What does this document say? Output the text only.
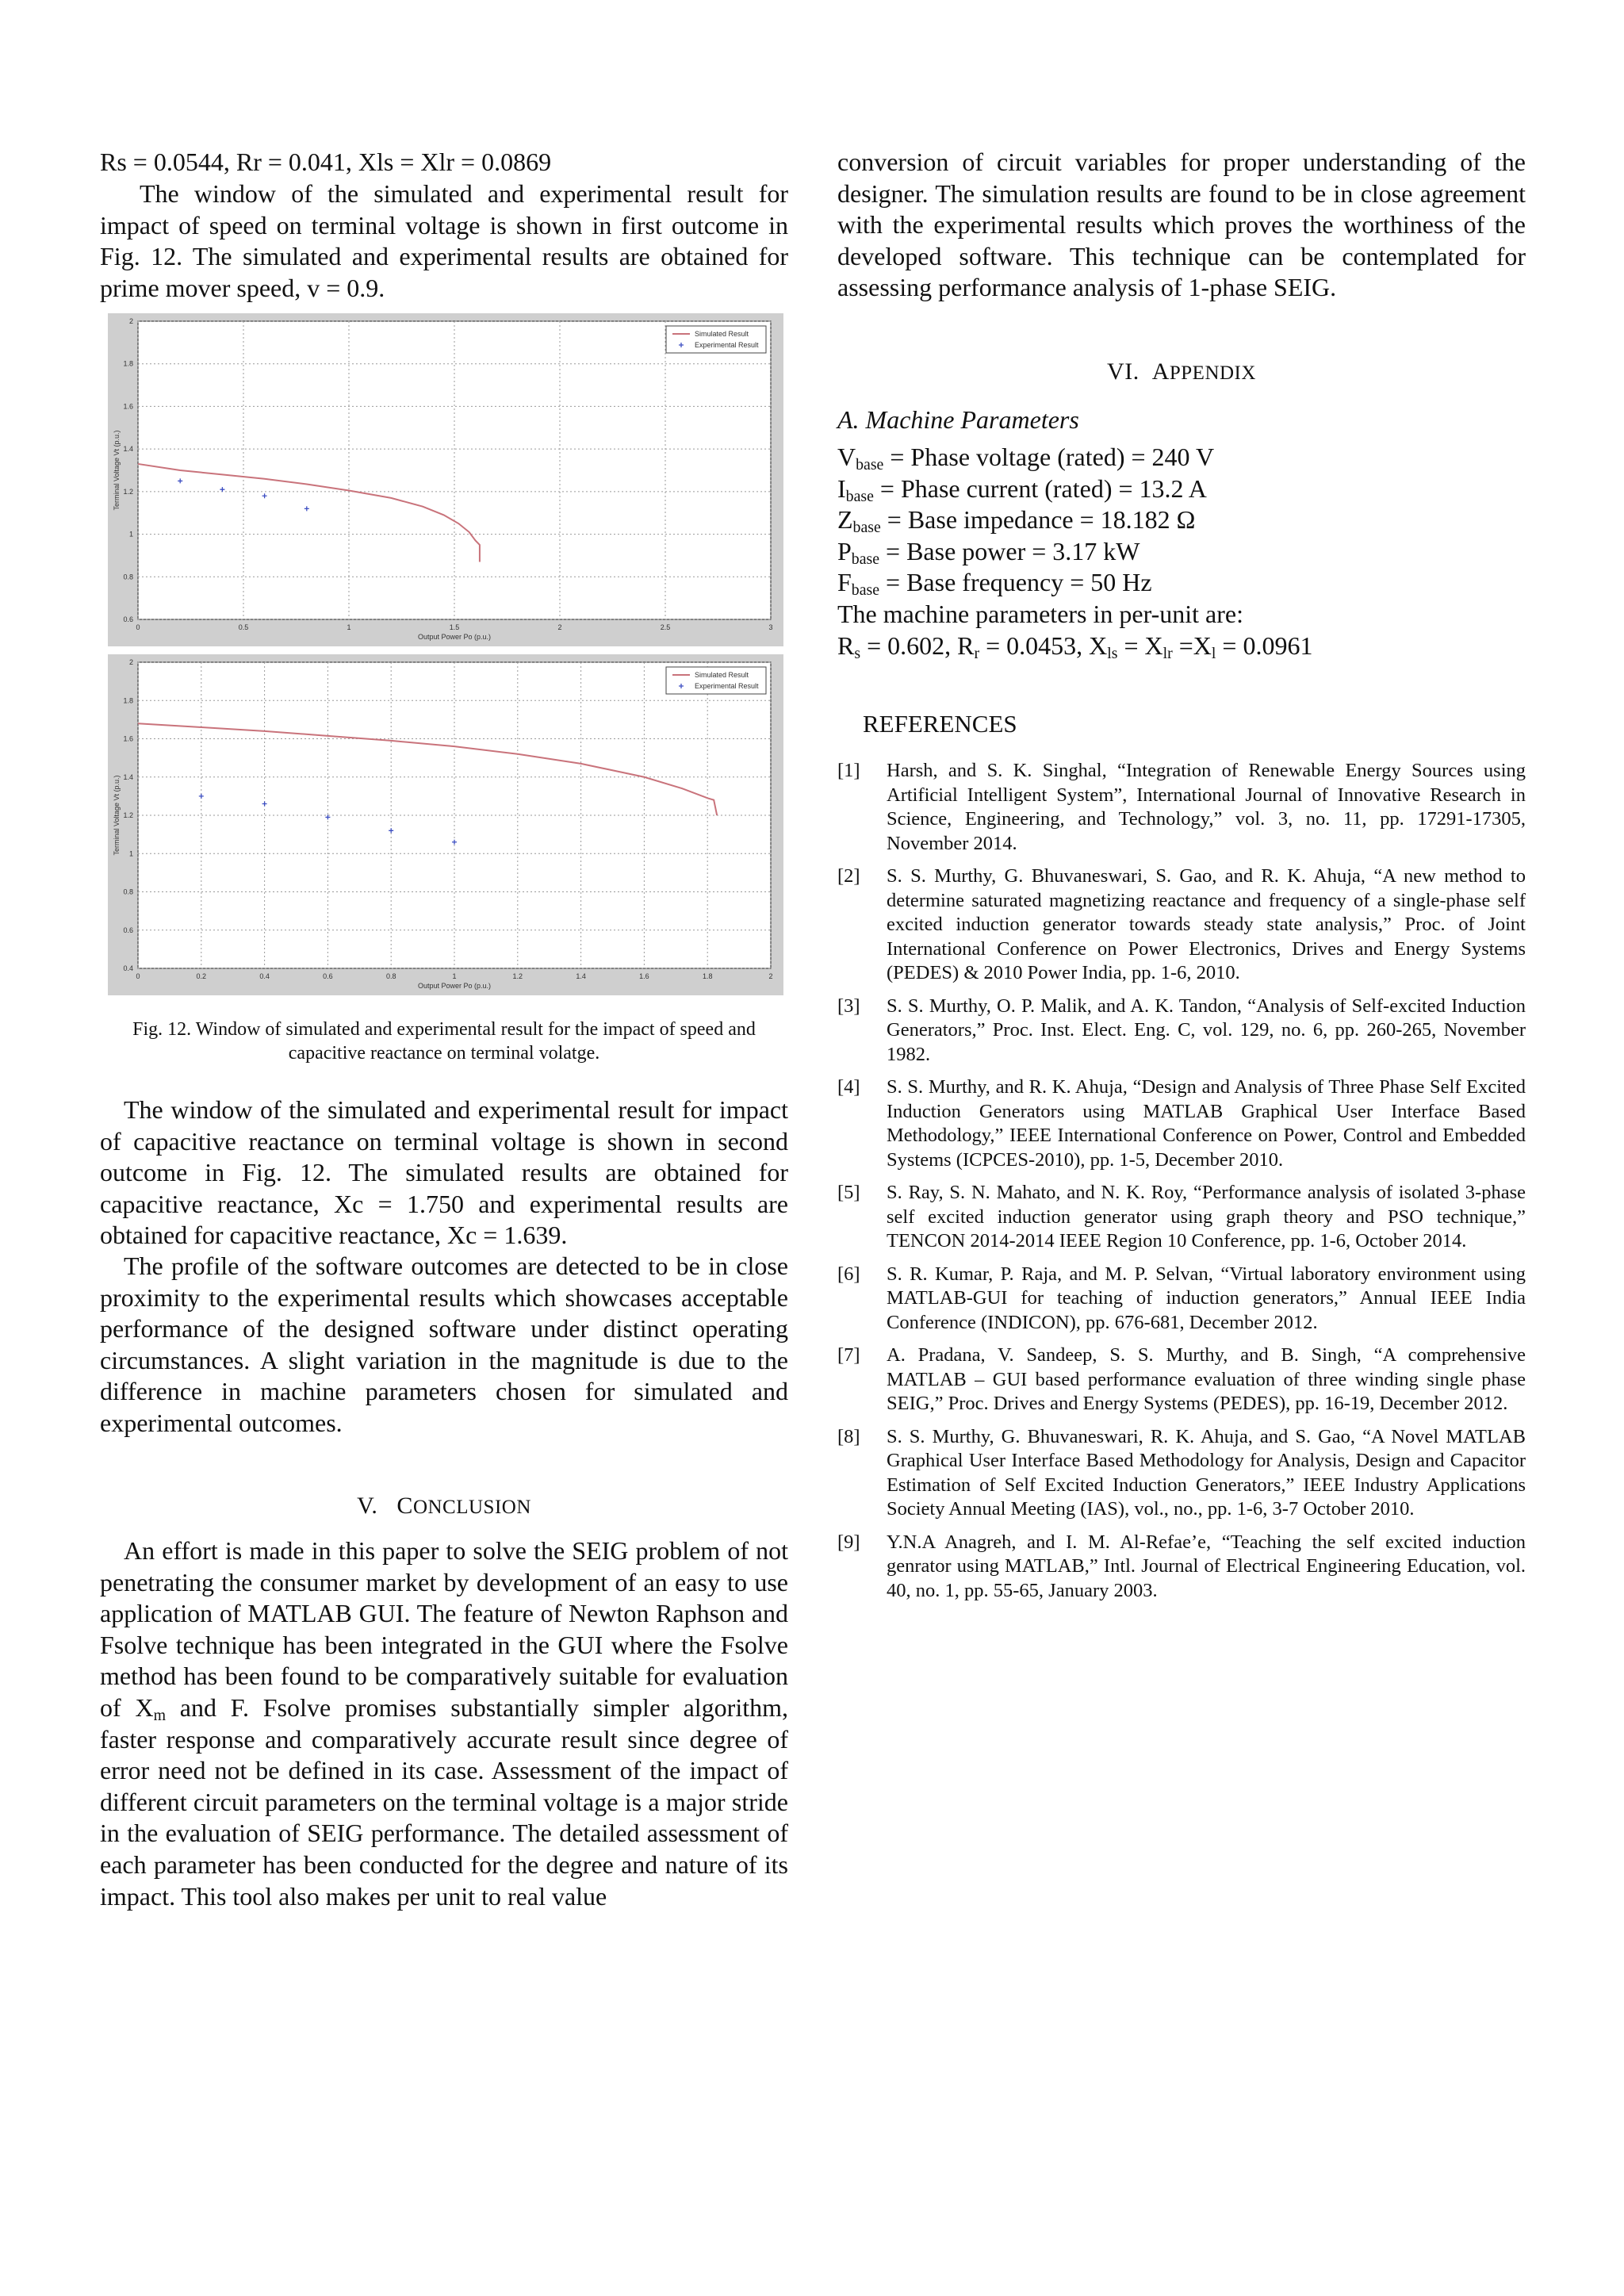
Rs = 0.0544, Rr = 0.041, Xls = Xlr = 0.0869

The window of the simulated and experimental result for impact of speed on terminal voltage is shown in first outcome in Fig. 12. The simulated and experimental results are obtained for prime mover speed, v = 0.9.

0	0.5	1	1.5	2	2.5	3
0.6
0.8
1
1.2
1.4
1.6
1.8
2
Output Power Po (p.u.)
Terminal Voltage Vt (p.u.)
Simulated Result
Experimental Result
0	0.2	0.4	0.6	0.8	1	1.2	1.4	1.6	1.8	2
0.4
0.6
0.8
1
1.2
1.4
1.6
1.8
2
Output Power Po (p.u.)
Terminal Voltage Vt (p.u.)
Simulated Result
Experimental Result

Fig. 12. Window of simulated and experimental result for the impact of speed and capacitive reactance on terminal volatge.

The window of the simulated and experimental result for impact of capacitive reactance on terminal voltage is shown in second outcome in Fig. 12. The simulated results are obtained for capacitive reactance, Xc = 1.750 and experimental results are obtained for capacitive reactance, Xc = 1.639.

The profile of the software outcomes are detected to be in close proximity to the experimental results which showcases acceptable performance of the designed software under distinct operating circumstances. A slight variation in the magnitude is due to the difference in machine parameters chosen for simulated and experimental outcomes.

V. CONCLUSION

An effort is made in this paper to solve the SEIG problem of not penetrating the consumer market by development of an easy to use application of MATLAB GUI. The feature of Newton Raphson and Fsolve technique has been integrated in the GUI where the Fsolve method has been found to be comparatively suitable for evaluation of $X_m$ and F. Fsolve promises substantially simpler algorithm, faster response and comparatively accurate result since degree of error need not be defined in its case. Assessment of the impact of different circuit parameters on the terminal voltage is a major stride in the evaluation of SEIG performance. The detailed assessment of each parameter has been conducted for the degree and nature of its impact. This tool also makes per unit to real value

conversion of circuit variables for proper understanding of the designer. The simulation results are found to be in close agreement with the experimental results which proves the worthiness of the developed software. This technique can be contemplated for assessing performance analysis of 1-phase SEIG.

VI. APPENDIX

A. Machine Parameters

$V_{base}$ = Phase voltage (rated) = 240 V

$I_{base}$ = Phase current (rated) = 13.2 A

$Z_{base}$ = Base impedance = 18.182 Ω

$P_{base}$ = Base power = 3.17 kW

$F_{base}$ = Base frequency = 50 Hz

The machine parameters in per-unit are:

$R_s = 0.602$, $R_r = 0.0453$, $X_{ls} = X_{lr} =X_l = 0.0961$

REFERENCES

[1] Harsh, and S. K. Singhal, “Integration of Renewable Energy Sources using Artificial Intelligent System”, International Journal of Innovative Research in Science, Engineering, and Technology,” vol. 3, no. 11, pp. 17291-17305, November 2014.
[2] S. S. Murthy, G. Bhuvaneswari, S. Gao, and R. K. Ahuja, “A new method to determine saturated magnetizing reactance and frequency of a single-phase self excited induction generator towards steady state analysis,” Proc. of Joint International Conference on Power Electronics, Drives and Energy Systems (PEDES) & 2010 Power India, pp. 1-6, 2010.
[3] S. S. Murthy, O. P. Malik, and A. K. Tandon, “Analysis of Self-excited Induction Generators,” Proc. Inst. Elect. Eng. C, vol. 129, no. 6, pp. 260-265, November 1982.
[4] S. S. Murthy, and R. K. Ahuja, “Design and Analysis of Three Phase Self Excited Induction Generators using MATLAB Graphical User Interface Based Methodology,” IEEE International Conference on Power, Control and Embedded Systems (ICPCES-2010), pp. 1-5, December 2010.
[5] S. Ray, S. N. Mahato, and N. K. Roy, “Performance analysis of isolated 3-phase self excited induction generator using graph theory and PSO technique,” TENCON 2014-2014 IEEE Region 10 Conference, pp. 1-6, October 2014.
[6] S. R. Kumar, P. Raja, and M. P. Selvan, “Virtual laboratory environment using MATLAB-GUI for teaching of induction generators,” Annual IEEE India Conference (INDICON), pp. 676-681, December 2012.
[7] A. Pradana, V. Sandeep, S. S. Murthy, and B. Singh, “A comprehensive MATLAB – GUI based performance evaluation of three winding single phase SEIG,” Proc. Drives and Energy Systems (PEDES), pp. 16-19, December 2012.
[8] S. S. Murthy, G. Bhuvaneswari, R. K. Ahuja, and S. Gao, “A Novel MATLAB Graphical User Interface Based Methodology for Analysis, Design and Capacitor Estimation of Self Excited Induction Generators,” IEEE Industry Applications Society Annual Meeting (IAS), vol., no., pp. 1-6, 3-7 October 2010.
[9] Y.N.A Anagreh, and I. M. Al-Refae’e, “Teaching the self excited induction genrator using MATLAB,” Intl. Journal of Electrical Engineering Education, vol. 40, no. 1, pp. 55-65, January 2003.
